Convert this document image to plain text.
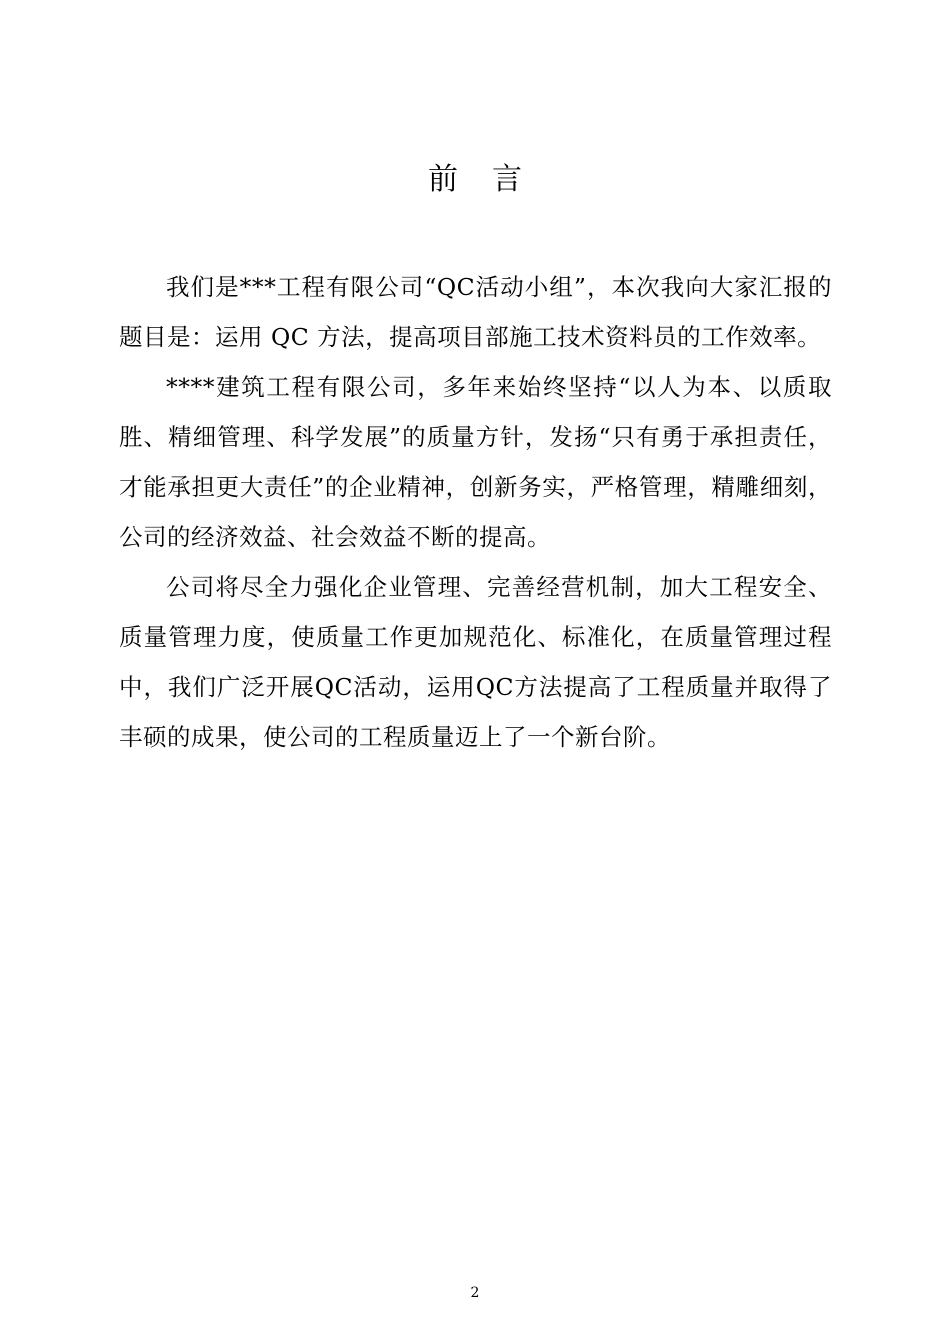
前言

我们是***工程有限公司“QC活动小组”，本次我向大家汇报的题目是：运用 QC 方法，提高项目部施工技术资料员的工作效率。

****建筑工程有限公司，多年来始终坚持“以人为本、以质取胜、精细管理、科学发展”的质量方针，发扬“只有勇于承担责任，才能承担更大责任”的企业精神，创新务实，严格管理，精雕细刻，公司的经济效益、社会效益不断的提高。

公司将尽全力强化企业管理、完善经营机制，加大工程安全、质量管理力度，使质量工作更加规范化、标准化，在质量管理过程中，我们广泛开展QC活动，运用QC方法提高了工程质量并取得了丰硕的成果，使公司的工程质量迈上了一个新台阶。

2
